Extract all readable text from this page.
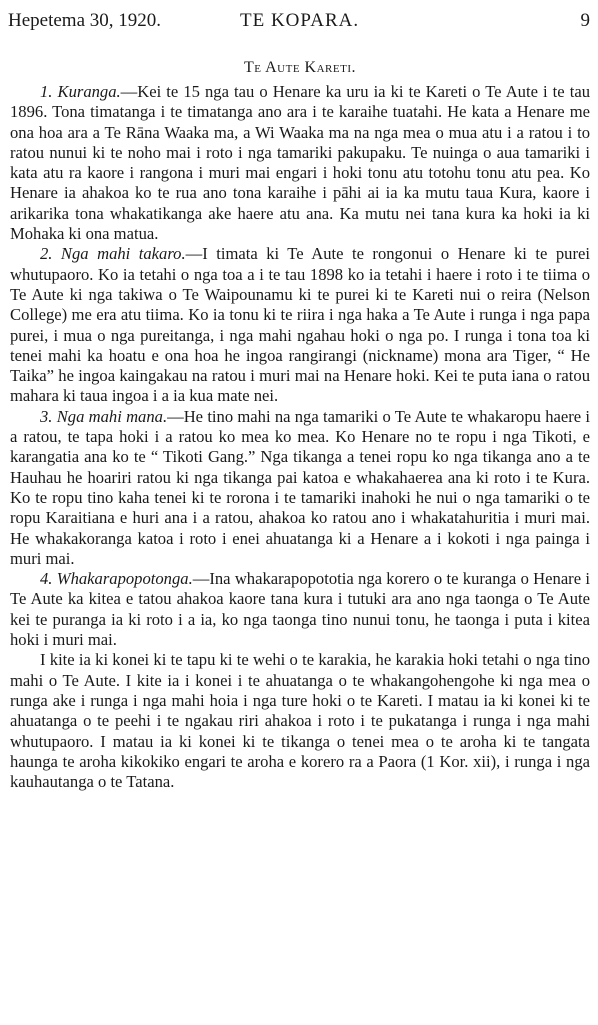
Hepetema 30, 1920.	TE KOPARA.	9
Te Aute Kareti.

1. Kuranga.—Kei te 15 nga tau o Henare ka uru ia ki te Kareti o Te Aute i te tau 1896. Tona timatanga i te timatanga ano ara i te karaihe tuatahi. He kata a Henare me ona hoa ara a Te Rāna Waaka ma, a Wi Waaka ma na nga mea o mua atu i a ratou i to ratou nunui ki te noho mai i roto i nga tamariki pakupaku. Te nuinga o aua tamariki i kata atu ra kaore i rangona i muri mai engari i hoki tonu atu totohu tonu atu pea. Ko Henare ia ahakoa ko te rua ano tona karaihe i pāhi ai ia ka mutu taua Kura, kaore i arikarika tona whakatikanga ake haere atu ana. Ka mutu nei tana kura ka hoki ia ki Mohaka ki ona matua.

2. Nga mahi takaro.—I timata ki Te Aute te rongonui o Henare ki te purei whutupaoro. Ko ia tetahi o nga toa a i te tau 1898 ko ia tetahi i haere i roto i te tiima o Te Aute ki nga takiwa o Te Waipounamu ki te purei ki te Kareti nui o reira (Nelson College) me era atu tiima. Ko ia tonu ki te riira i nga haka a Te Aute i runga i nga papa purei, i mua o nga pureitanga, i nga mahi ngahau hoki o nga po. I runga i tona toa ki tenei mahi ka hoatu e ona hoa he ingoa rangirangi (nickname) mona ara Tiger, “ He Taika” he ingoa kaingakau na ratou i muri mai na Henare hoki. Kei te puta iana o ratou mahara ki taua ingoa i a ia kua mate nei.

3. Nga mahi mana.—He tino mahi na nga tamariki o Te Aute te whakaropu haere i a ratou, te tapa hoki i a ratou ko mea ko mea. Ko Henare no te ropu i nga Tikoti, e karangatia ana ko te “ Tikoti Gang.” Nga tikanga a tenei ropu ko nga tikanga ano a te Hauhau he hoariri ratou ki nga tikanga pai katoa e whakahaerea ana ki roto i te Kura. Ko te ropu tino kaha tenei ki te rorona i te tamariki inahoki he nui o nga tamariki o te ropu Karaitiana e huri ana i a ratou, ahakoa ko ratou ano i whakatahuritia i muri mai. He whakakoranga katoa i roto i enei ahuatanga ki a Henare a i kokoti i nga painga i muri mai.

4. Whakarapopotonga.—Ina whakarapopototia nga korero o te kuranga o Henare i Te Aute ka kitea e tatou ahakoa kaore tana kura i tutuki ara ano nga taonga o Te Aute kei te puranga ia ki roto i a ia, ko nga taonga tino nunui tonu, he taonga i puta i kitea hoki i muri mai.

I kite ia ki konei ki te tapu ki te wehi o te karakia, he karakia hoki tetahi o nga tino mahi o Te Aute. I kite ia i konei i te ahuatanga o te whakangohengohe ki nga mea o runga ake i runga i nga mahi hoia i nga ture hoki o te Kareti. I matau ia ki konei ki te ahuatanga o te peehi i te ngakau riri ahakoa i roto i te pukatanga i runga i nga mahi whutupaoro. I matau ia ki konei ki te tikanga o tenei mea o te aroha ki te tangata haunga te aroha kikokiko engari te aroha e korero ra a Paora (1 Kor. xii), i runga i nga kauhautanga o te Tatana.
